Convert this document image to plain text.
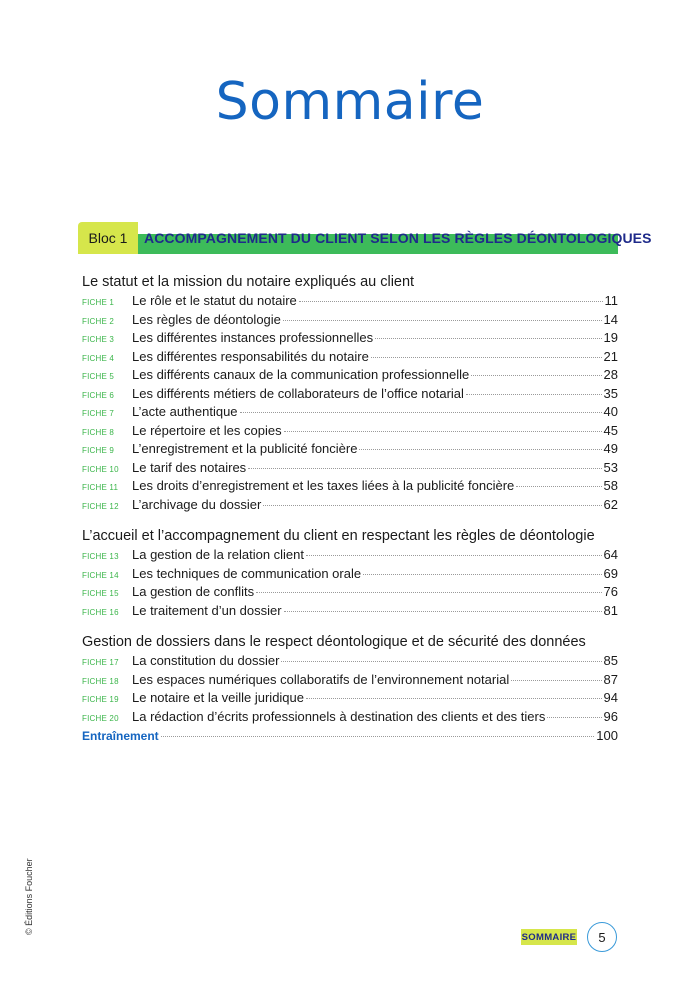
Sommaire
Bloc 1	ACCOMPAGNEMENT DU CLIENT SELON LES RÈGLES DÉONTOLOGIQUES
Le statut et la mission du notaire expliqués au client
FICHE 1	Le rôle et le statut du notaire	11
FICHE 2	Les règles de déontologie	14
FICHE 3	Les différentes instances professionnelles	19
FICHE 4	Les différentes responsabilités du notaire	21
FICHE 5	Les différents canaux de la communication professionnelle	28
FICHE 6	Les différents métiers de collaborateurs de l’office notarial	35
FICHE 7	L’acte authentique	40
FICHE 8	Le répertoire et les copies	45
FICHE 9	L’enregistrement et la publicité foncière	49
FICHE 10	Le tarif des notaires	53
FICHE 11	Les droits d’enregistrement et les taxes liées à la publicité foncière	58
FICHE 12	L’archivage du dossier	62
L’accueil et l’accompagnement du client en respectant les règles de déontologie
FICHE 13	La gestion de la relation client	64
FICHE 14	Les techniques de communication orale	69
FICHE 15	La gestion de conflits	76
FICHE 16	Le traitement d’un dossier	81
Gestion de dossiers dans le respect déontologique et de sécurité des données
FICHE 17	La constitution du dossier	85
FICHE 18	Les espaces numériques collaboratifs de l’environnement notarial	87
FICHE 19	Le notaire et la veille juridique	94
FICHE 20	La rédaction d’écrits professionnels à destination des clients et des tiers	96
Entraînement	100
© Éditions Foucher
SOMMAIRE	5
